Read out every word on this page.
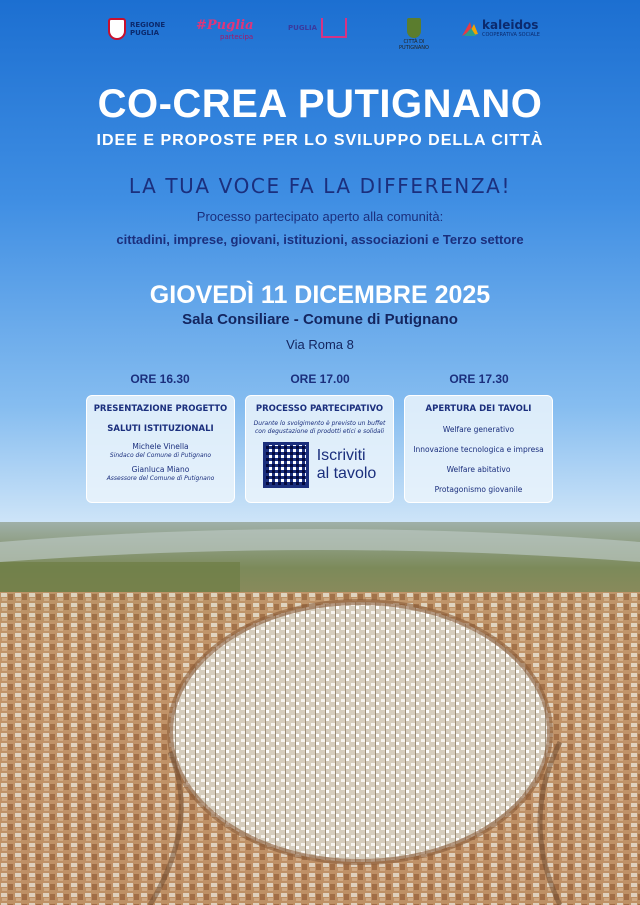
REGIONE PUGLIA	#Puglia
partecipa
PUGLIA
CITTÀ DI PUTIGNANO
kaleidos
COOPERATIVA SOCIALE
CO-CREA PUTIGNANO
IDEE E PROPOSTE PER LO SVILUPPO DELLA CITTÀ
LA TUA VOCE FA LA DIFFERENZA!
Processo partecipato aperto alla comunità:
cittadini, imprese, giovani, istituzioni, associazioni e Terzo settore
GIOVEDÌ 11 DICEMBRE 2025
Sala Consiliare - Comune di Putignano
Via Roma 8
ORE 16.30	ORE 17.00	ORE 17.30
PRESENTAZIONE PROGETTO
SALUTI ISTITUZIONALI
Michele Vinella
Sindaco del Comune di Putignano
Gianluca Miano
Assessore del Comune di Putignano
PROCESSO PARTECIPATIVO
Durante lo svolgimento è previsto un buffet con degustazione di prodotti etici e solidali
Iscriviti
al tavolo
APERTURA DEI TAVOLI
Welfare generativo
Innovazione tecnologica e impresa
Welfare abitativo
Protagonismo giovanile
